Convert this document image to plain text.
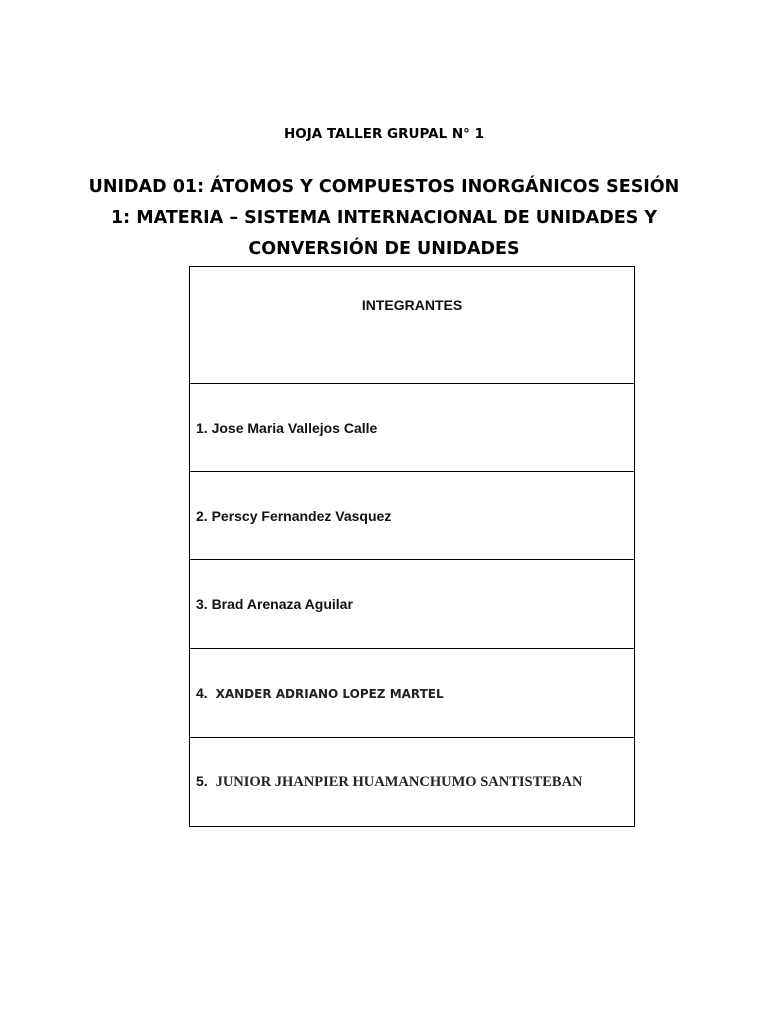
HOJA TALLER GRUPAL N° 1
UNIDAD 01: ÁTOMOS Y COMPUESTOS INORGÁNICOS SESIÓN 1: MATERIA – SISTEMA INTERNACIONAL DE UNIDADES Y CONVERSIÓN DE UNIDADES
INTEGRANTES
1. Jose Maria Vallejos Calle
2. Perscy Fernandez Vasquez
3. Brad Arenaza Aguilar
4. XANDER ADRIANO LOPEZ MARTEL
5. JUNIOR JHANPIER HUAMANCHUMO SANTISTEBAN
